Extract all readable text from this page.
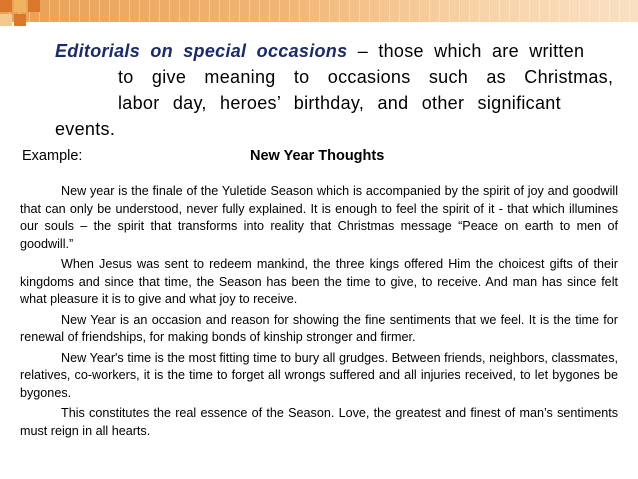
Editorials on special occasions – those which are written
to give meaning to occasions such as Christmas,
labor day, heroes’ birthday, and other significant
events.
Example:	New Year Thoughts

New year is the finale of the Yuletide Season which is accompanied by the spirit of joy and goodwill that can only be understood, never fully explained. It is enough to feel the spirit of it - that which illumines our souls – the spirit that transforms into reality that Christmas message “Peace on earth to men of goodwill.”

When Jesus was sent to redeem mankind, the three kings offered Him the choicest gifts of their kingdoms and since that time, the Season has been the time to give, to receive. And man has since felt what pleasure it is to give and what joy to receive.

New Year is an occasion and reason for showing the fine sentiments that we feel. It is the time for renewal of friendships, for making bonds of kinship stronger and firmer.

New Year's time is the most fitting time to bury all grudges. Between friends, neighbors, classmates, relatives, co-workers, it is the time to forget all wrongs suffered and all injuries received, to let bygones be bygones.

This constitutes the real essence of the Season. Love, the greatest and finest of man’s sentiments must reign in all hearts.
